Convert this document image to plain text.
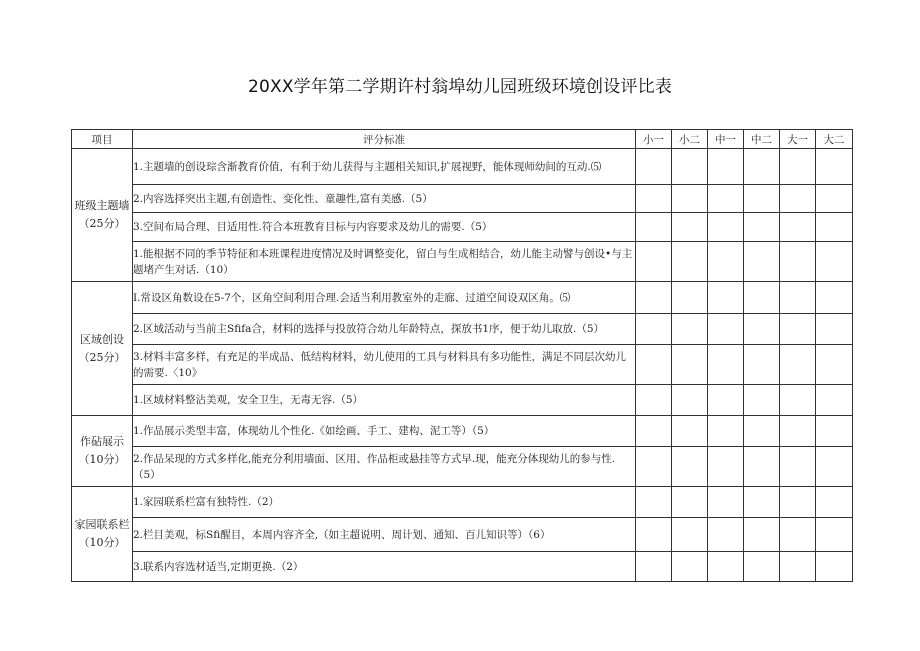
20XX学年第二学期许村翁埠幼儿园班级环境创设评比表
项目	评分标准	小一	小二	中一	中二	大一	大二

班级主题墙
（25分）	1.主题墙的创设琮含渐教育价值，有利于幼儿获得与主题相关知识,扩展视野，能体现师幼间的互动.⑸						
	2.内容选择突出主题,有创造性、变化性、童趣性,富有美感.（5）						
	3.空间布局合理、目适用性.符合本班教育目标与内容要求及幼儿的需要.（5）						
	1.能根据不同的季节特征和本班课程进度情况及时调整变化，留白与生成相结合，幼儿能主动譬与创设•与主题堵产生对话.（10）						

区域创设
（25分）	I.常设区角数设在5-7个，区角空间利用合理.会适当利用教室外的走廊、过道空间设双区角。⑸						
	2.区域活动与当前主Sfifa合，材料的选择与投放符合幼儿年龄特点，探放书1序，便于幼儿取放.（5）						
	3.材料丰富多样，有充足的半成品、低结构材料，幼儿使用的工具与材料具有多功能性，满足不同层次幼儿的需要.〈10》						
	1.区域材料整沾美观，安全卫生，无毒无容.（5）						

作砧展示
（10分）	1.作品展示类型丰富，体现幼儿个性化.《如绘画、手工、建构、泥工等）（5）						
	2.作品呆现的方式多样化,能充分利用墙面、区用、作品柜或悬挂等方式早.现，能充分体现幼儿的参与性.（5）						

家园联系栏
（10分）	1.家园联系栏富有独特性.（2）						
	2.栏目美观，标Sfi醒目，本周内容齐全,（如主超说明、周计划、通知、百儿知识等）（6）						
	3.联系内容选材适当,定期更换.（2）						
